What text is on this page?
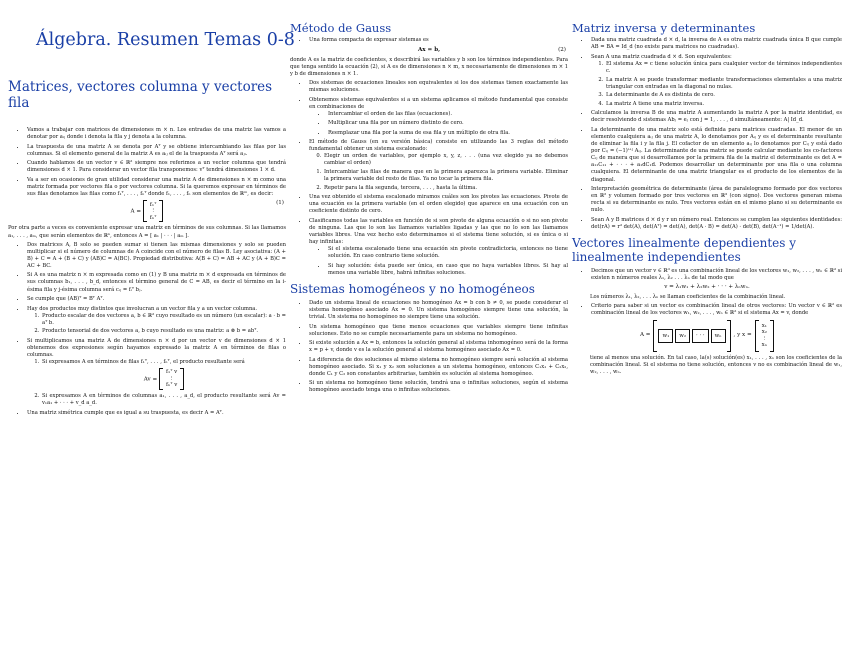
Álgebra. Resumen Temas 0-8
Matrices, vectores columna y vectores fila
• Vamos a trabajar con matrices de dimensiones m × n. Los entradas de una matriz las vamos a denotar por aᵢⱼ donde i denota la fila y j denota a la columna.
• La traspuesta de una matriz A se denota por Aᵀ y se obtiene intercambiando las filas por las columnas. Si el elemento general de la matriz A es aᵢⱼ el de la traspuesta Aᵀ será aⱼᵢ.
• Cuando hablamos de un vector v ∈ ℝᵈ siempre nos referimos a un vector columna que tendrá dimensiones d × 1. Para considerar un vector fila transponemos: vᵀ tendrá dimensiones 1 × d.
• Va a ser en ocasiones de gran utilidad considerar una matriz A de dimensiones n × m como una matriz formada por vectores fila o por vectores columna. Si la queremos expresar en términos de sus filas denotamos las filas como f₁ᵀ, . . . , fₙᵀ donde f₁, . . . , fₙ son elementos de ℝᵐ, es decir:
A =
f₁ᵀ
⋮
fₙᵀ
(1)

Por otra parte a veces es conveniente expresar una matriz en términos de sus columnas. Si las llamamos a₁, . . . , aₘ, que serán elementos de ℝⁿ, entonces A = [ a₁ | · · · | aₘ ].

• Dos matrices A, B solo se pueden sumar si tienen las mismas dimensiones y solo se pueden multiplicar si el número de columnas de A coincide con el número de filas B. Ley asociativa: (A + B) + C = A + (B + C) y (AB)C = A(BC). Propiedad distributiva: A(B + C) = AB + AC y (A + B)C = AC + BC.
• Si A es una matriz n × m expresada como en (1) y B una matriz m × d expresada en términos de sus columnas b₁, . . . , b_d, entonces el término general de C = AB, es decir el término en la i-ésima fila y j-ésima columna será cᵢⱼ = fᵢᵀ bⱼ.
• Se cumple que (AB)ᵀ = Bᵀ Aᵀ.
• Hay dos productos muy distintos que involucran a un vector fila y a un vector columna.
1. Producto escalar de dos vectores a, b ∈ ℝᵈ cuyo resultado es un número (un escalar): a · b = aᵀ b.
2. Producto tensorial de dos vectores a, b cuyo resultado es una matriz: a ⊗ b = abᵀ.
• Si multiplicamos una matriz A de dimensiones n × d por un vector v de dimensiones d × 1 obtenemos dos expresiones según hayamos expresado la matriz A en términos de filas o columnas.
1. Si expresamos A en términos de filas f₁ᵀ, . . . , fₙᵀ, el producto resultante será
Av =
f₁ᵀ v
⋮
fₙᵀ v
2. Si expresamos A en términos de columnas a₁, . . . , a_d, el producto resultante será Av = v₁a₁ + · · · + v_d a_d.
• Una matriz simétrica cumple que es igual a su traspuesta, es decir A = Aᵀ.
Método de Gauss
• Una forma compacta de expresar sistemas es
Ax = b,	(2)

donde A es la matriz de coeficientes, x describirá las variables y b son los términos independientes. Para que tenga sentido la ecuación (2), si A es de dimensiones n × m, x necesariamente de dimensiones m × 1 y b de dimensiones n × 1.

• Dos sistemas de ecuaciones lineales son equivalentes si los dos sistemas tienen exactamente las mismas soluciones.
• Obtenemos sistemas equivalentes si a un sistema aplicamos el método fundamental que consiste en combinaciones de
• Intercambiar el orden de las filas (ecuaciones).
• Multiplicar una fila por un número distinto de cero.
• Reemplazar una fila por la suma de esa fila y un múltiplo de otra fila.
• El método de Gauss (en su versión básica) consiste en utilizando las 3 reglas del método fundamental obtener un sistema escalonado:
0. Elegir un orden de variables, por ejemplo x, y, z, . . . (una vez elegido ya no debemos cambiar el orden)
1. Intercambiar las filas de manera que en la primera aparezca la primera variable. Eliminar la primera variable del resto de filas. Ya no tocar la primera fila.
2. Repetir para la fila segunda, tercera, . . . , hasta la última.
• Una vez obtenido el sistema escalonado miramos cuáles son los pivotes las ecuaciones. Pivote de una ecuación es la primera variable (en el orden elegido) que aparece en una ecuación con un coeficiente distinto de cero.
• Clasificamos todas las variables en función de si son pivote de alguna ecuación o si no son pivote de ninguna. Las que lo son las llamamos variables ligadas y las que no lo son las llamamos variables libres. Una vez hecho esto determinamos si el sistema tiene solución, si es única o si hay infinitas:
• Si el sistema escalonado tiene una ecuación sin pivote contradictoria, entonces no tiene solución. En caso contrario tiene solución.
• Si hay solución: ésta puede ser única, en caso que no haya variables libres. Si hay al menos una variable libre, habrá infinitas soluciones.
Sistemas homogéneos y no homogéneos
• Dado un sistema lineal de ecuaciones no homogéneo Ax = b con b ≠ 0, se puede considerar el sistema homogéneo asociado Ax = 0. Un sistema homogéneo siempre tiene una solución, la trivial. Un sistema no homogéneo no siempre tiene una solución.
• Un sistema homogéneo que tiene menos ecuaciones que variables siempre tiene infinitas soluciones. Esto no se cumple necesariamente para un sistema no homogéneo.
• Si existe solución a Ax = b, entonces la solución general al sistema inhomogéneo será de la forma x = p + v, donde v es la solución general al sistema homogéneo asociado Ax = 0.
• La diferencia de dos soluciones al mismo sistema no homogéneo siempre será solución al sistema homogéneo asociado. Si x₁ y x₂ son soluciones a un sistema homogéneo, entonces C₁x₁ + C₂x₂, donde C₁ y C₂ son constantes arbitrarias, también es solución al sistema homogéneo.
• Si un sistema no homogéneo tiene solución, tendrá una o infinitas soluciones, según el sistema homogéneo asociado tenga una o infinitas soluciones.
Matriz inversa y determinantes
• Dada una matriz cuadrada d × d, la inversa de A es otra matriz cuadrada única B que cumple AB = BA = Id_d (no existe para matrices no cuadradas).
• Sean A una matriz cuadrada d × d. Son equivalentes:
1. El sistema Ax = c tiene solución única para cualquier vector de términos independientes c.
2. La matriz A se puede transformar mediante transformaciones elementales a una matriz triangular con entradas en la diagonal no nulas.
3. La determinante de A es distinta de cero.
4. La matriz A tiene una matriz inversa.
• Calculamos la inversa B de una matriz A aumentando la matriz A por la matriz identidad, es decir resolviendo d sistemas Abⱼ = eⱼ con j = 1, . . . , d simultáneamente: A| Id_d.
• La determinante de una matriz solo está definida para matrices cuadradas. El menor de un elemento cualquiera aᵢⱼ de una matriz A, lo denotamos por Aᵢⱼ y es el determinante resultante de eliminar la fila i y la fila j. El cofactor de un elemento aᵢⱼ lo denotamos por Cᵢⱼ y está dado por Cᵢⱼ = (−1)ⁱ⁺ʲ Aᵢⱼ. La determinante de una matriz se puede calcular mediante los co-factores Cᵢⱼ de manera que si desarrollamos por la primera fila de la matriz el determinante es det A = a₁₁C₁₁ + · · · + a₁dC₁d. Podemos desarrollar un determinante por una fila o una columna cualquiera. El determinante de una matriz triangular es el producto de los elementos de la diagonal.
• Interpretación geométrica de determinante (área de paralelogramo formado por dos vectores en ℝ² y volumen formado por tres vectores en ℝ³ (con signo). Dos vectores generan misma recta si su determinante es nulo. Tres vectores están en el mismo plano si su determinante es nulo.
• Sean A y B matrices d × d y r un número real. Entonces se cumplen las siguientes identidades: det(rA) = rᵈ det(A), det(Aᵀ) = det(A), det(A · B) = det(A) · det(B), det(A⁻¹) = 1/det(A).
Vectores linealmente dependientes y linealmente independientes
• Decimos que un vector v ∈ ℝᵈ es una combinación lineal de los vectores w₁, w₂, . . . , wₙ ∈ ℝᵈ si existen n números reales λ₁, λ₂ . . . λₙ de tal modo que
v = λ₁w₁ + λ₂w₂ + · · · + λₙwₙ.

Los números λ₁, λ₂, . . . λₙ se llaman coeficientes de la combinación lineal.

• Criterio para saber si un vector es combinación lineal de otros vectores: Un vector v ∈ ℝᵈ es combinación lineal de los vectores w₁, w₂, . . . , wₙ ∈ ℝᵈ si el sistema Ax = v, donde
A =	w₁	w₂	· · ·	wₙ	, y x =
x₁
x₂
⋮
xₙ

tiene al menos una solución. En tal caso, la(s) solución(es) x₁, . . . , xₙ son los coeficientes de la combinación lineal. Si el sistema no tiene solución, entonces v no es combinación lineal de w₁, w₂, . . . , wₙ.
